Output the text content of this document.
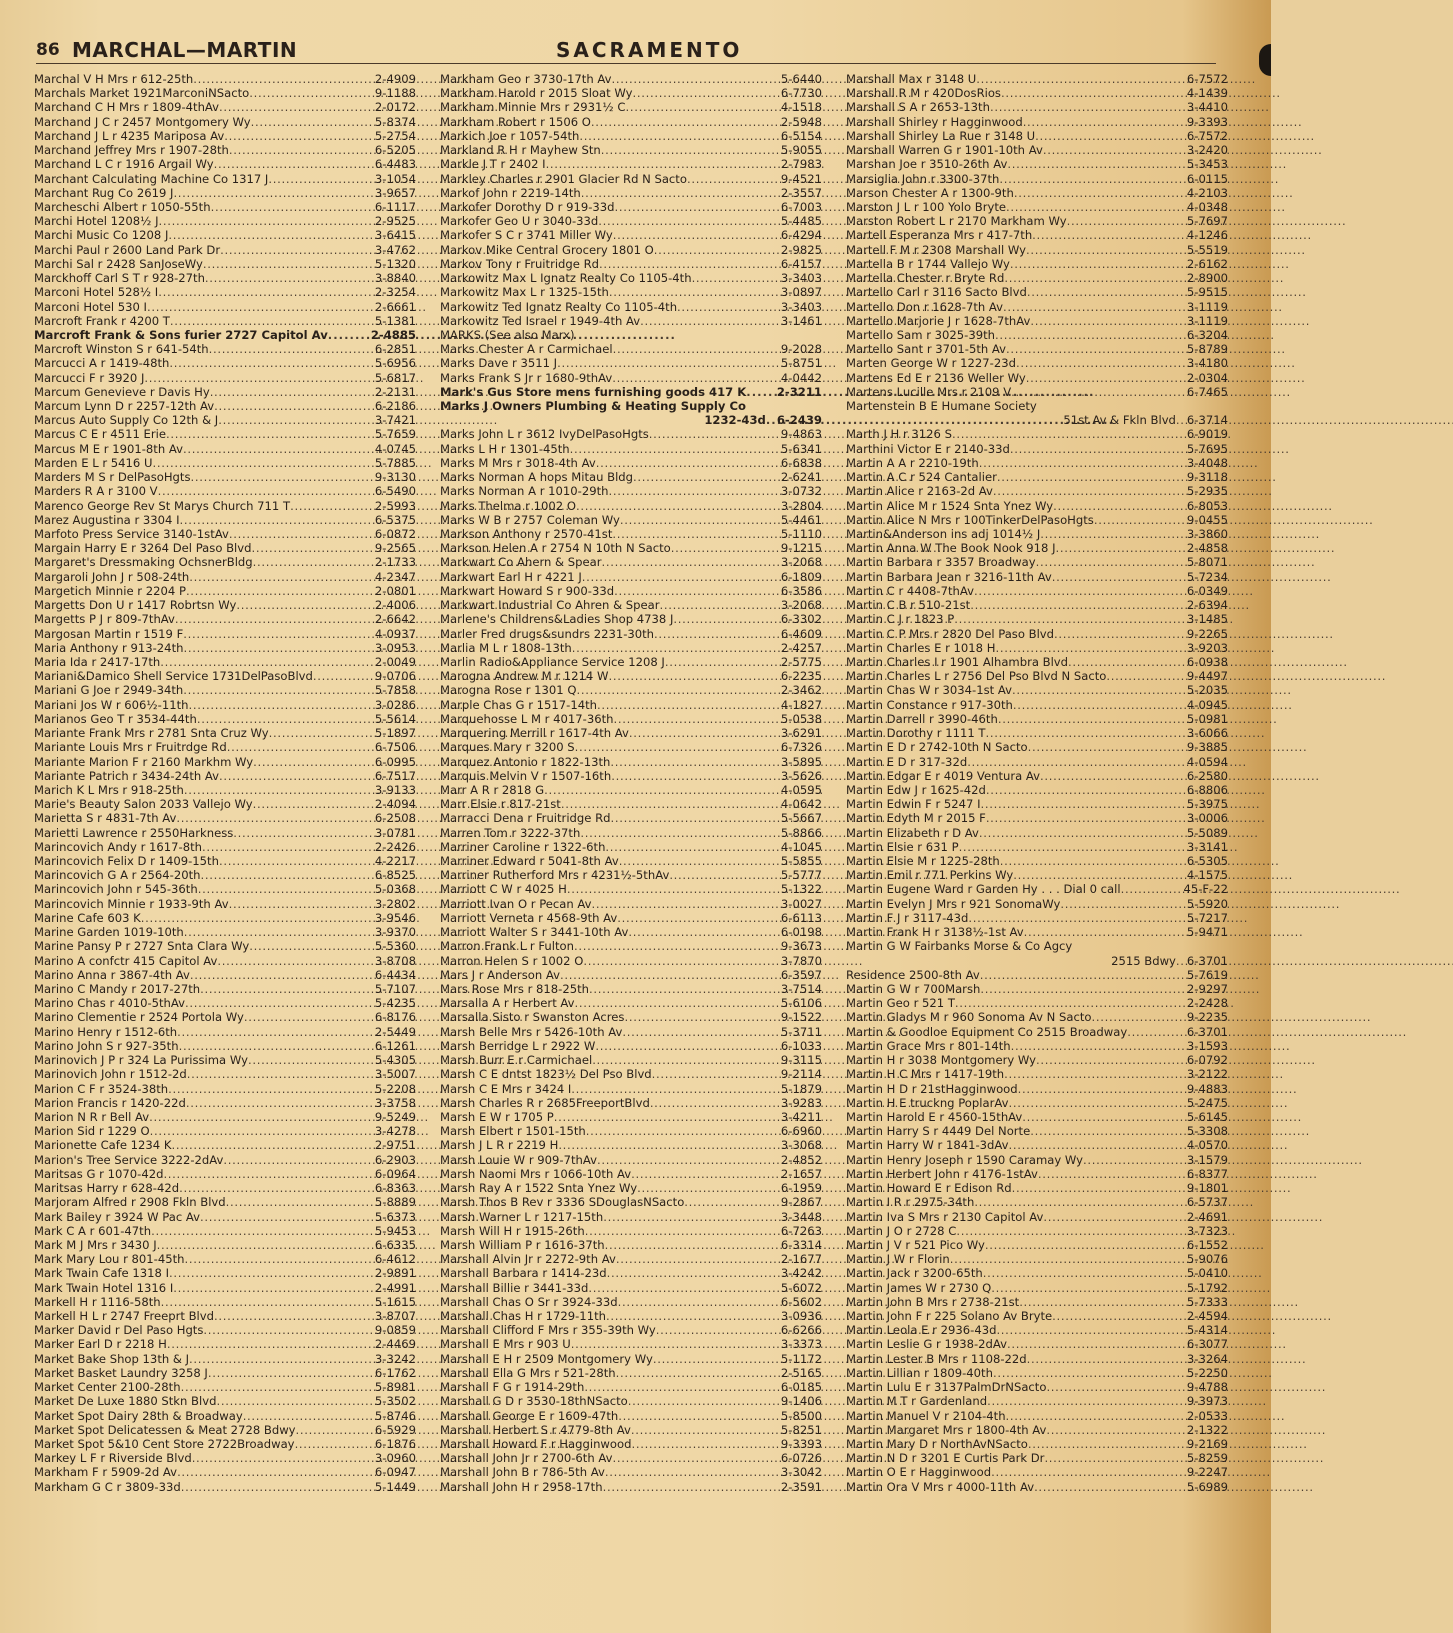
86 MARCHAL—MARTIN	SACRAMENTO
Marchal V H Mrs r 612-25th . . .	2-4909
Marchals Market 1921MarconiNSacto . . .	9-1188
Marchand C H Mrs r 1809-4thAv . . .	2-0172
Marchand J C r 2457 Montgomery Wy . . .	5-8374
Marchand J L r 4235 Mariposa Av . . .	5-2754
Marchand Jeffrey Mrs r 1907-28th . . .	6-5205
Marchand L C r 1916 Argail Wy . . .	6-4483
Marchant Calculating Machine Co 1317 J . . .	3-1054
Marchant Rug Co 2619 J . . .	3-9657
Marcheschi Albert r 1050-55th . . .	6-1117
Marchi Hotel 1208½ J . . .	2-9525
Marchi Music Co 1208 J . . .	3-6415
Marchi Paul r 2600 Land Park Dr . . .	3-4762
Marchi Sal r 2428 SanJoseWy . . .	5-1320
Marckhoff Carl S T r 928-27th . . .	3-8840
Marconi Hotel 528½ I . . .	2-3254
Marconi Hotel 530 I . . .	2-6661
Marcroft Frank r 4200 T . . .	5-1381
Marcroft Frank & Sons furier 2727 Capitol Av . . .	2-4885
Marcroft Winston S r 641-54th . . .	6-2851
Marcucci A r 1419-48th . . .	5-6956
Marcucci F r 3920 J . . .	5-6817
Marcum Genevieve r Davis Hy . . .	2-2131
Marcum Lynn D r 2257-12th Av . . .	6-2186
Marcus Auto Supply Co 12th & J . . .	3-7421
Marcus C E r 4511 Erie . . .	5-7659
Marcus M E r 1901-8th Av . . .	4-0745
Marden E L r 5416 U . . .	5-7885
Marders M S r DelPasoHgts . . .	9-3130
Marders R A r 3100 V . . .	6-5490
Marenco George Rev St Marys Church 711 T . . .	2-5993
Marez Augustina r 3304 I . . .	6-5375
Marfoto Press Service 3140-1stAv . . .	6-0872
Margain Harry E r 3264 Del Paso Blvd . . .	9-2565
Margaret's Dressmaking OchsnerBldg . . .	2-1733
Margaroli John J r 508-24th . . .	4-2347
Margetich Minnie r 2204 P . . .	2-0801
Margetts Don U r 1417 Robrtsn Wy . . .	2-4006
Margetts P J r 809-7thAv . . .	2-6642
Margosan Martin r 1519 F . . .	4-0937
Maria Anthony r 913-24th . . .	3-0953
Maria Ida r 2417-17th . . .	2-0049
Mariani&Damico Shell Service 1731DelPasoBlvd . . .	9-0706
Mariani G Joe r 2949-34th . . .	5-7858
Mariani Jos W r 606½-11th . . .	3-0286
Marianos Geo T r 3534-44th . . .	5-5614
Mariante Frank Mrs r 2781 Snta Cruz Wy . . .	5-1897
Mariante Louis Mrs r Fruitrdge Rd . . .	6-7506
Mariante Marion F r 2160 Markhm Wy . . .	6-0995
Mariante Patrich r 3434-24th Av . . .	6-7517
Marich K L Mrs r 918-25th . . .	3-9133
Marie's Beauty Salon 2033 Vallejo Wy . . .	2-4094
Marietta S r 4831-7th Av . . .	6-2508
Marietti Lawrence r 2550Harkness . . .	3-0781
Marincovich Andy r 1617-8th . . .	2-2426
Marincovich Felix D r 1409-15th . . .	4-2217
Marincovich G A r 2564-20th . . .	6-8525
Marincovich John r 545-36th . . .	5-0368
Marincovich Minnie r 1933-9th Av . . .	3-2802
Marine Cafe 603 K . . .	3-9546
Marine Garden 1019-10th . . .	3-9370
Marine Pansy P r 2727 Snta Clara Wy . . .	5-5360
Marino A confctr 415 Capitol Av . . .	3-8708
Marino Anna r 3867-4th Av . . .	6-4434
Marino C Mandy r 2017-27th . . .	5-7107
Marino Chas r 4010-5thAv . . .	5-4235
Marino Clementie r 2524 Portola Wy . . .	6-8176
Marino Henry r 1512-6th . . .	2-5449
Marino John S r 927-35th . . .	6-1261
Marinovich J P r 324 La Purissima Wy . . .	5-4305
Marinovich John r 1512-2d . . .	3-5007
Marion C F r 3524-38th . . .	5-2208
Marion Francis r 1420-22d . . .	3-3758
Marion N R r Bell Av . . .	9-5249
Marion Sid r 1229 O . . .	3-4278
Marionette Cafe 1234 K . . .	2-9751
Marion's Tree Service 3222-2dAv . . .	6-2903
Maritsas G r 1070-42d . . .	6-0964
Maritsas Harry r 628-42d . . .	6-8363
Marjoram Alfred r 2908 Fkln Blvd . . .	5-8889
Mark Bailey r 3924 W Pac Av . . .	5-6373
Mark C A r 601-47th . . .	5-9453
Mark M J Mrs r 3430 J . . .	6-6335
Mark Mary Lou r 801-45th . . .	6-4612
Mark Twain Cafe 1318 I . . .	2-9891
Mark Twain Hotel 1316 I . . .	2-4991
Markell H r 1116-58th . . .	5-1615
Markell H L r 2747 Freeprt Blvd . . .	3-8707
Marker David r Del Paso Hgts . . .	9-0859
Marker Earl D r 2218 H . . .	2-4469
Market Bake Shop 13th & J . . .	3-3242
Market Basket Laundry 3258 J . . .	6-1762
Market Center 2100-28th . . .	5-8981
Market De Luxe 1880 Stkn Blvd . . .	5-3502
Market Spot Dairy 28th & Broadway . . .	5-8746
Market Spot Delicatessen & Meat 2728 Bdwy . . .	6-5929
Market Spot 5&10 Cent Store 2722Broadway . . .	6-1876
Markey L F r Riverside Blvd . . .	3-0960
Markham F r 5909-2d Av . . .	6-0947
Markham G C r 3809-33d . . .	5-1449
Markham Geo r 3730-17th Av . . .	5-6440
Markham Harold r 2015 Sloat Wy . . .	6-7730
Markham Minnie Mrs r 2931½ C . . .	4-1518
Markham Robert r 1506 O . . .	2-5948
Markich Joe r 1057-54th . . .	6-5154
Markland R H r Mayhew Stn . . .	5-9055
Markle J T r 2402 I . . .	2-7983
Markley Charles r 2901 Glacier Rd N Sacto . . .	9-4521
Markof John r 2219-14th . . .	2-3557
Markofer Dorothy D r 919-33d . . .	6-7003
Markofer Geo U r 3040-33d . . .	5-4485
Markofer S C r 3741 Miller Wy . . .	6-4294
Markov Mike Central Grocery 1801 O . . .	2-9825
Markov Tony r Fruitridge Rd . . .	6-4157
Markowitz Max L Ignatz Realty Co 1105-4th . . .	3-3403
Markowitz Max L r 1325-15th . . .	3-0897
Markowitz Ted Ignatz Realty Co 1105-4th . . .	3-3403
Markowitz Ted Israel r 1949-4th Av . . .	3-1461
MARKS (See also Marx)
Marks Chester A r Carmichael . . .	9-2028
Marks Dave r 3511 J . . .	5-8751
Marks Frank S Jr r 1680-9thAv . . .	4-0442
Mark's Gus Store mens furnishing goods 417 K . . .	2-3211
Marks J Owners Plumbing & Heating Supply Co
1232-43d . . . 6-2439
Marks John L r 3612 IvyDelPasoHgts . . .	9-4863
Marks L H r 1301-45th . . .	5-6341
Marks M Mrs r 3018-4th Av . . .	6-6838
Marks Norman A hops Mitau Bldg . . .	2-6241
Marks Norman A r 1010-29th . . .	3-0732
Marks Thelma r 1002 O . . .	3-2804
Marks W B r 2757 Coleman Wy . . .	5-4461
Markson Anthony r 2570-41st . . .	5-1110
Markson Helen A r 2754 N 10th N Sacto . . .	9-1215
Markwart Co Ahern & Spear . . .	3-2068
Markwart Earl H r 4221 J . . .	6-1809
Markwart Howard S r 900-33d . . .	6-3586
Markwart Industrial Co Ahren & Spear . . .	3-2068
Marlene's Childrens&Ladies Shop 4738 J . . .	6-3302
Marler Fred drugs&sundrs 2231-30th . . .	6-4609
Marlia M L r 1808-13th . . .	2-4257
Marlin Radio&Appliance Service 1208 J . . .	2-5775
Marogna Andrew M r 1214 W . . .	6-2235
Marogna Rose r 1301 Q . . .	2-3462
Marple Chas G r 1517-14th . . .	4-1827
Marquehosse L M r 4017-36th . . .	5-0538
Marquering Merrill r 1617-4th Av . . .	3-6291
Marques Mary r 3200 S . . .	6-7326
Marquez Antonio r 1822-13th . . .	3-5895
Marquis Melvin V r 1507-16th . . .	3-5626
Marr A R r 2818 G . . .	4-0595
Marr Elsie r 817-21st . . .	4-0642
Marracci Dena r Fruitridge Rd . . .	5-5667
Marren Tom r 3222-37th . . .	5-8866
Marriner Caroline r 1322-6th . . .	4-1045
Marriner Edward r 5041-8th Av . . .	5-5855
Marriner Rutherford Mrs r 4231½-5thAv . . .	5-5777
Marriott C W r 4025 H . . .	5-1322
Marriott Ivan O r Pecan Av . . .	3-0027
Marriott Verneta r 4568-9th Av . . .	6-6113
Marriott Walter S r 3441-10th Av . . .	6-0198
Marron Frank L r Fulton . . .	9-3673
Marron Helen S r 1002 O . . .	3-7870
Mars J r Anderson Av . . .	6-3597
Mars Rose Mrs r 818-25th . . .	3-7514
Marsalla A r Herbert Av . . .	5-6106
Marsalla Sisto r Swanston Acres . . .	9-1522
Marsh Belle Mrs r 5426-10th Av . . .	5-3711
Marsh Berridge L r 2922 W . . .	6-1033
Marsh Burr E r Carmichael . . .	9-3115
Marsh C E dntst 1823½ Del Pso Blvd . . .	9-2114
Marsh C E Mrs r 3424 I . . .	5-1879
Marsh Charles R r 2685FreeportBlvd . . .	3-9283
Marsh E W r 1705 P . . .	3-4211
Marsh Elbert r 1501-15th . . .	6-6960
Marsh J L R r 2219 H . . .	3-3068
Marsh Louie W r 909-7thAv . . .	2-4852
Marsh Naomi Mrs r 1066-10th Av . . .	2-1657
Marsh Ray A r 1522 Snta Ynez Wy . . .	6-1959
Marsh Thos B Rev r 3336 SDouglasNSacto . . .	9-2867
Marsh Warner L r 1217-15th . . .	3-3448
Marsh Will H r 1915-26th . . .	6-7263
Marsh William P r 1616-37th . . .	6-3314
Marshall Alvin Jr r 2272-9th Av . . .	2-1677
Marshall Barbara r 1414-23d . . .	3-4242
Marshall Billie r 3441-33d . . .	5-6072
Marshall Chas O Sr r 3924-33d . . .	6-5602
Marshall Chas H r 1729-11th . . .	3-0936
Marshall Clifford F Mrs r 355-39th Wy . . .	6-6266
Marshall E Mrs r 903 U . . .	3-3373
Marshall E H r 2509 Montgomery Wy . . .	5-1172
Marshall Ella G Mrs r 521-28th . . .	2-5165
Marshall F G r 1914-29th . . .	6-0185
Marshall G D r 3530-18thNSacto . . .	9-1406
Marshall George E r 1609-47th . . .	5-8500
Marshall Herbert S r 4779-8th Av . . .	5-8251
Marshall Howard F r Hagginwood . . .	9-3393
Marshall John Jr r 2700-6th Av . . .	6-0726
Marshall John B r 786-5th Av . . .	3-3042
Marshall John H r 2958-17th . . .	2-3591
Marshall Max r 3148 U . . .	6-7572
Marshall R M r 420DosRios . . .	4-1439
Marshall S A r 2653-13th . . .	3-4410
Marshall Shirley r Hagginwood . . .	9-3393
Marshall Shirley La Rue r 3148 U . . .	6-7572
Marshall Warren G r 1901-10th Av . . .	3-2420
Marshan Joe r 3510-26th Av . . .	5-3453
Marsiglia John r 3300-37th . . .	6-0115
Marson Chester A r 1300-9th . . .	4-2103
Marston J L r 100 Yolo Bryte . . .	4-0348
Marston Robert L r 2170 Markham Wy . . .	5-7697
Martell Esperanza Mrs r 417-7th . . .	4-1246
Martell F M r 2308 Marshall Wy . . .	5-5519
Martella B r 1744 Vallejo Wy . . .	2-6162
Martella Chester r Bryte Rd . . .	2-8900
Martello Carl r 3116 Sacto Blvd . . .	5-9515
Martello Don r 1628-7th Av . . .	3-1119
Martello Marjorie J r 1628-7thAv . . .	3-1119
Martello Sam r 3025-39th . . .	6-3204
Martello Sant r 3701-5th Av . . .	5-8789
Marten George W r 1227-23d . . .	3-4180
Martens Ed E r 2136 Weller Wy . . .	2-0304
Martens Lucille Mrs r 2109 V . . .	6-7465
Martenstein B E Humane Society
51st Av & Fkln Blvd . . . 6-3714
Marth J H r 3126 S . . .	6-9019
Marthini Victor E r 2140-33d . . .	5-7695
Martin A A r 2210-19th . . .	3-4048
Martin A C r 524 Cantalier . . .	9-3118
Martin Alice r 2163-2d Av . . .	5-2935
Martin Alice M r 1524 Snta Ynez Wy . . .	6-8053
Martin Alice N Mrs r 100TinkerDelPasoHgts . . .	9-0455
Martin&Anderson ins adj 1014½ J . . .	3-3860
Martin Anna W The Book Nook 918 J . . .	2-4858
Martin Barbara r 3357 Broadway . . .	5-8071
Martin Barbara Jean r 3216-11th Av . . .	5-7234
Martin C r 4408-7thAv . . .	6-0349
Martin C B r 510-21st . . .	2-6394
Martin C J r 1823 P . . .	3-1485
Martin C P Mrs r 2820 Del Paso Blvd . . .	9-2265
Martin Charles E r 1018 H . . .	3-9203
Martin Charles I r 1901 Alhambra Blvd . . .	6-0938
Martin Charles L r 2756 Del Pso Blvd N Sacto . . .	9-4497
Martin Chas W r 3034-1st Av . . .	5-2035
Martin Constance r 917-30th . . .	4-0945
Martin Darrell r 3990-46th . . .	5-0981
Martin Dorothy r 1111 T . . .	3-6066
Martin E D r 2742-10th N Sacto . . .	9-3885
Martin E D r 317-32d . . .	4-0594
Martin Edgar E r 4019 Ventura Av . . .	6-2580
Martin Edw J r 1625-42d . . .	6-8806
Martin Edwin F r 5247 I . . .	5-3975
Martin Edyth M r 2015 F . . .	3-0006
Martin Elizabeth r D Av . . .	5-5089
Martin Elsie r 631 P . . .	3-3141
Martin Elsie M r 1225-28th . . .	6-5305
Martin Emil r 771 Perkins Wy . . .	4-1575
Martin Eugene Ward r Garden Hy . . . Dial 0 call . . .	45-F-22
Martin Evelyn J Mrs r 921 SonomaWy . . .	5-5920
Martin F J r 3117-43d . . .	5-7217
Martin Frank H r 3138½-1st Av . . .	5-9471
Martin G W Fairbanks Morse & Co Agcy
2515 Bdwy . . . 6-3701
Residence 2500-8th Av . . .	5-7619
Martin G W r 700Marsh . . .	2-9297
Martin Geo r 521 T . . .	2-2428
Martin Gladys M r 960 Sonoma Av N Sacto . . .	9-2235
Martin & Goodloe Equipment Co 2515 Broadway . . .	6-3701
Martin Grace Mrs r 801-14th . . .	3-1593
Martin H r 3038 Montgomery Wy . . .	6-0792
Martin H C Mrs r 1417-19th . . .	3-2122
Martin H D r 21stHagginwood . . .	9-4883
Martin H E truckng PoplarAv . . .	5-2475
Martin Harold E r 4560-15thAv . . .	5-6145
Martin Harry S r 4449 Del Norte . . .	5-3308
Martin Harry W r 1841-3dAv . . .	4-0570
Martin Henry Joseph r 1590 Caramay Wy . . .	3-1579
Martin Herbert John r 4176-1stAv . . .	6-8377
Martin Howard E r Edison Rd . . .	9-1801
Martin I R r 2975-34th . . .	6-5737
Martin Iva S Mrs r 2130 Capitol Av . . .	2-4691
Martin J O r 2728 C . . .	3-7323
Martin J V r 521 Pico Wy . . .	6-1552
Martin J W r Florin . . .	5-9076
Martin Jack r 3200-65th . . .	5-0410
Martin James W r 2730 Q . . .	5-1792
Martin John B Mrs r 2738-21st . . .	5-7333
Martin John F r 225 Solano Av Bryte . . .	2-4594
Martin Leola E r 2936-43d . . .	5-4314
Martin Leslie G r 1938-2dAv . . .	6-3077
Martin Lester B Mrs r 1108-22d . . .	3-3264
Martin Lillian r 1809-40th . . .	5-2250
Martin Lulu E r 3137PalmDrNSacto . . .	9-4788
Martin M T r Gardenland . . .	9-3973
Martin Manuel V r 2104-4th . . .	2-0533
Martin Margaret Mrs r 1800-4th Av . . .	2-1322
Martin Mary D r NorthAvNSacto . . .	9-2169
Martin N D r 3201 E Curtis Park Dr . . .	5-8259
Martin O E r Hagginwood . . .	9-2247
Martin Ora V Mrs r 4000-11th Av . . .	5-6989
